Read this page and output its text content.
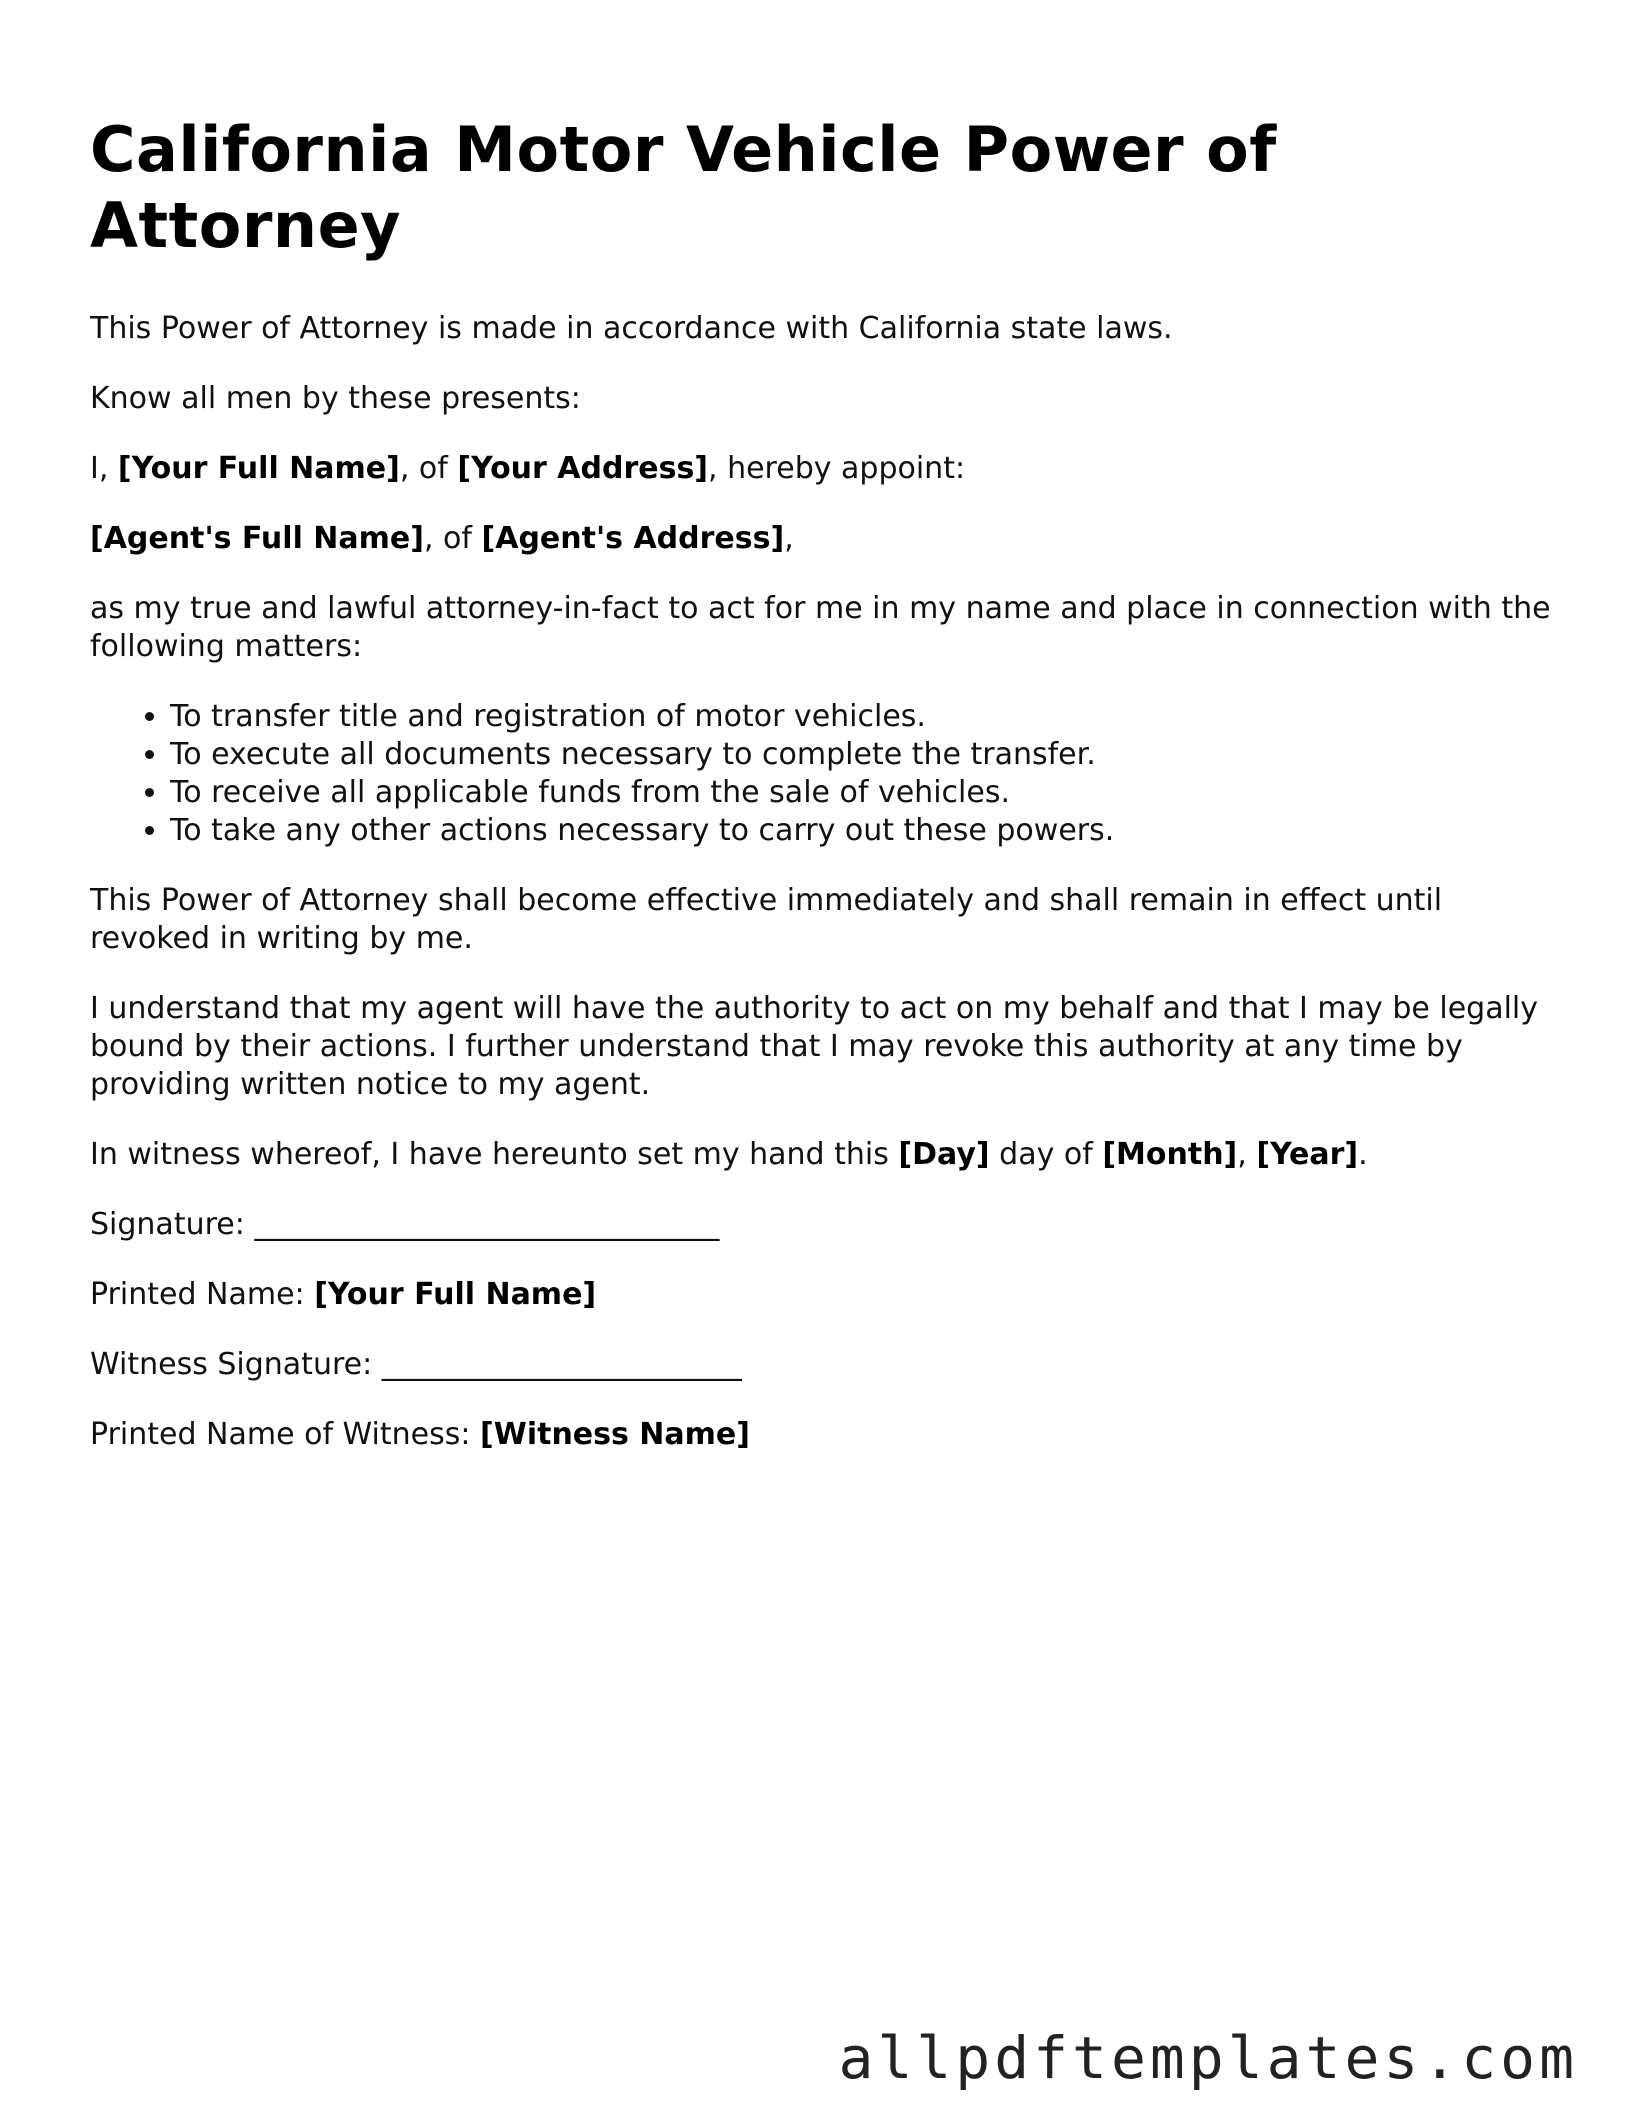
California Motor Vehicle Power of Attorney

This Power of Attorney is made in accordance with California state laws.

Know all men by these presents:

I, [Your Full Name], of [Your Address], hereby appoint:

[Agent's Full Name], of [Agent's Address],

as my true and lawful attorney-in-fact to act for me in my name and place in connection with the following matters:

• To transfer title and registration of motor vehicles.
• To execute all documents necessary to complete the transfer.
• To receive all applicable funds from the sale of vehicles.
• To take any other actions necessary to carry out these powers.

This Power of Attorney shall become effective immediately and shall remain in effect until revoked in writing by me.

I understand that my agent will have the authority to act on my behalf and that I may be legally bound by their actions. I further understand that I may revoke this authority at any time by providing written notice to my agent.

In witness whereof, I have hereunto set my hand this [Day] day of [Month], [Year].

Signature: _______________________________

Printed Name: [Your Full Name]

Witness Signature: ________________________

Printed Name of Witness: [Witness Name]

allpdftemplates.com
